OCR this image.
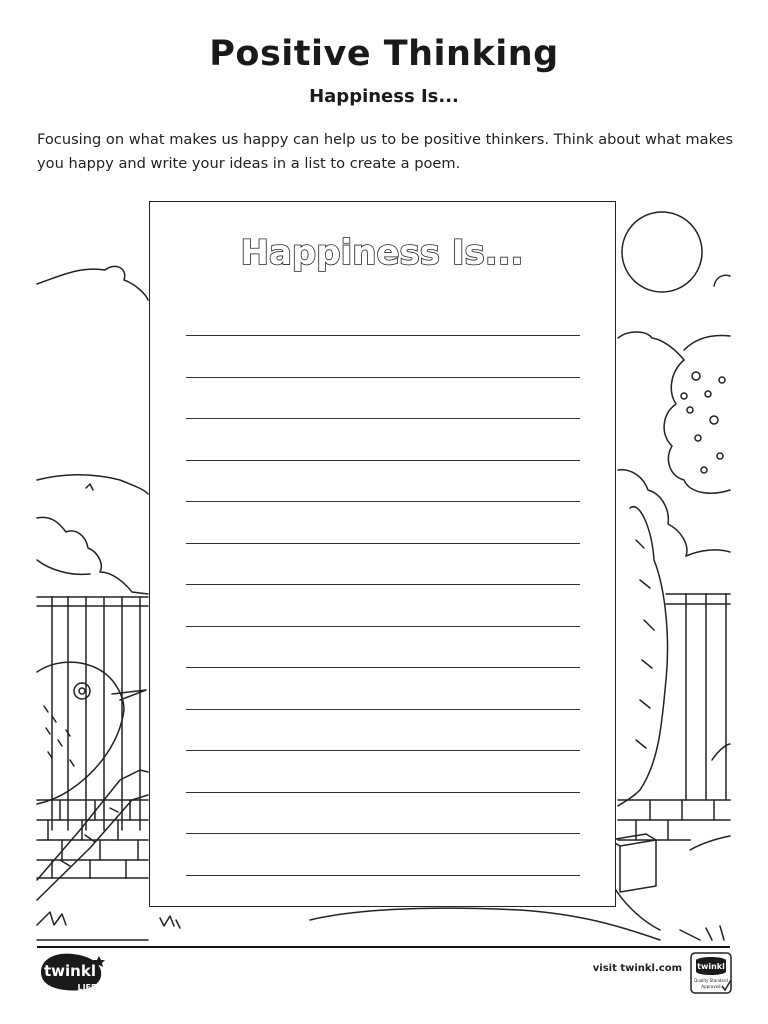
Positive Thinking
Happiness Is...
Focusing on what makes us happy can help us to be positive thinkers. Think about what makes you happy and write your ideas in a list to create a poem.
Happiness Is...
twinkl
LIFE
visit twinkl.com twinkl
Quality Standard
Approved
